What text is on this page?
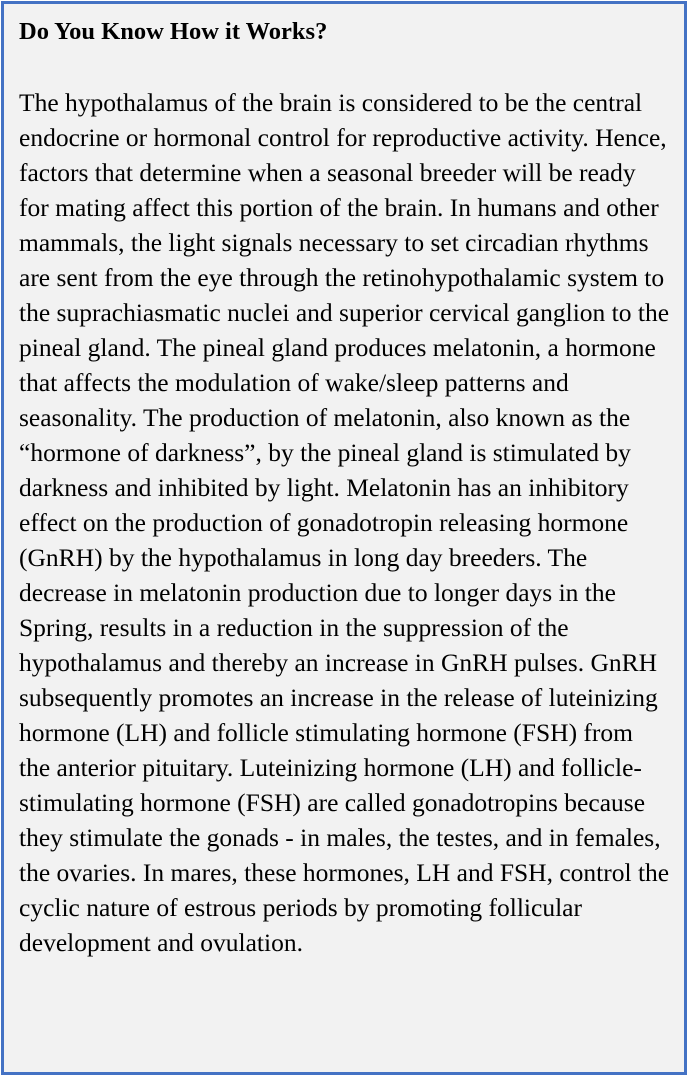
Do You Know How it Works?

The hypothalamus of the brain is considered to be the central endocrine or hormonal control for reproductive activity. Hence, factors that determine when a seasonal breeder will be ready for mating affect this portion of the brain. In humans and other mammals, the light signals necessary to set circadian rhythms are sent from the eye through the retinohypothalamic system to the suprachiasmatic nuclei and superior cervical ganglion to the pineal gland. The pineal gland produces melatonin, a hormone that affects the modulation of wake/sleep patterns and seasonality. The production of melatonin, also known as the “hormone of darkness”, by the pineal gland is stimulated by darkness and inhibited by light. Melatonin has an inhibitory effect on the production of gonadotropin releasing hormone (GnRH) by the hypothalamus in long day breeders. The decrease in melatonin production due to longer days in the Spring, results in a reduction in the suppression of the hypothalamus and thereby an increase in GnRH pulses. GnRH subsequently promotes an increase in the release of luteinizing hormone (LH) and follicle stimulating hormone (FSH) from the anterior pituitary. Luteinizing hormone (LH) and follicle-stimulating hormone (FSH) are called gonadotropins because they stimulate the gonads - in males, the testes, and in females, the ovaries. In mares, these hormones, LH and FSH, control the cyclic nature of estrous periods by promoting follicular development and ovulation.
